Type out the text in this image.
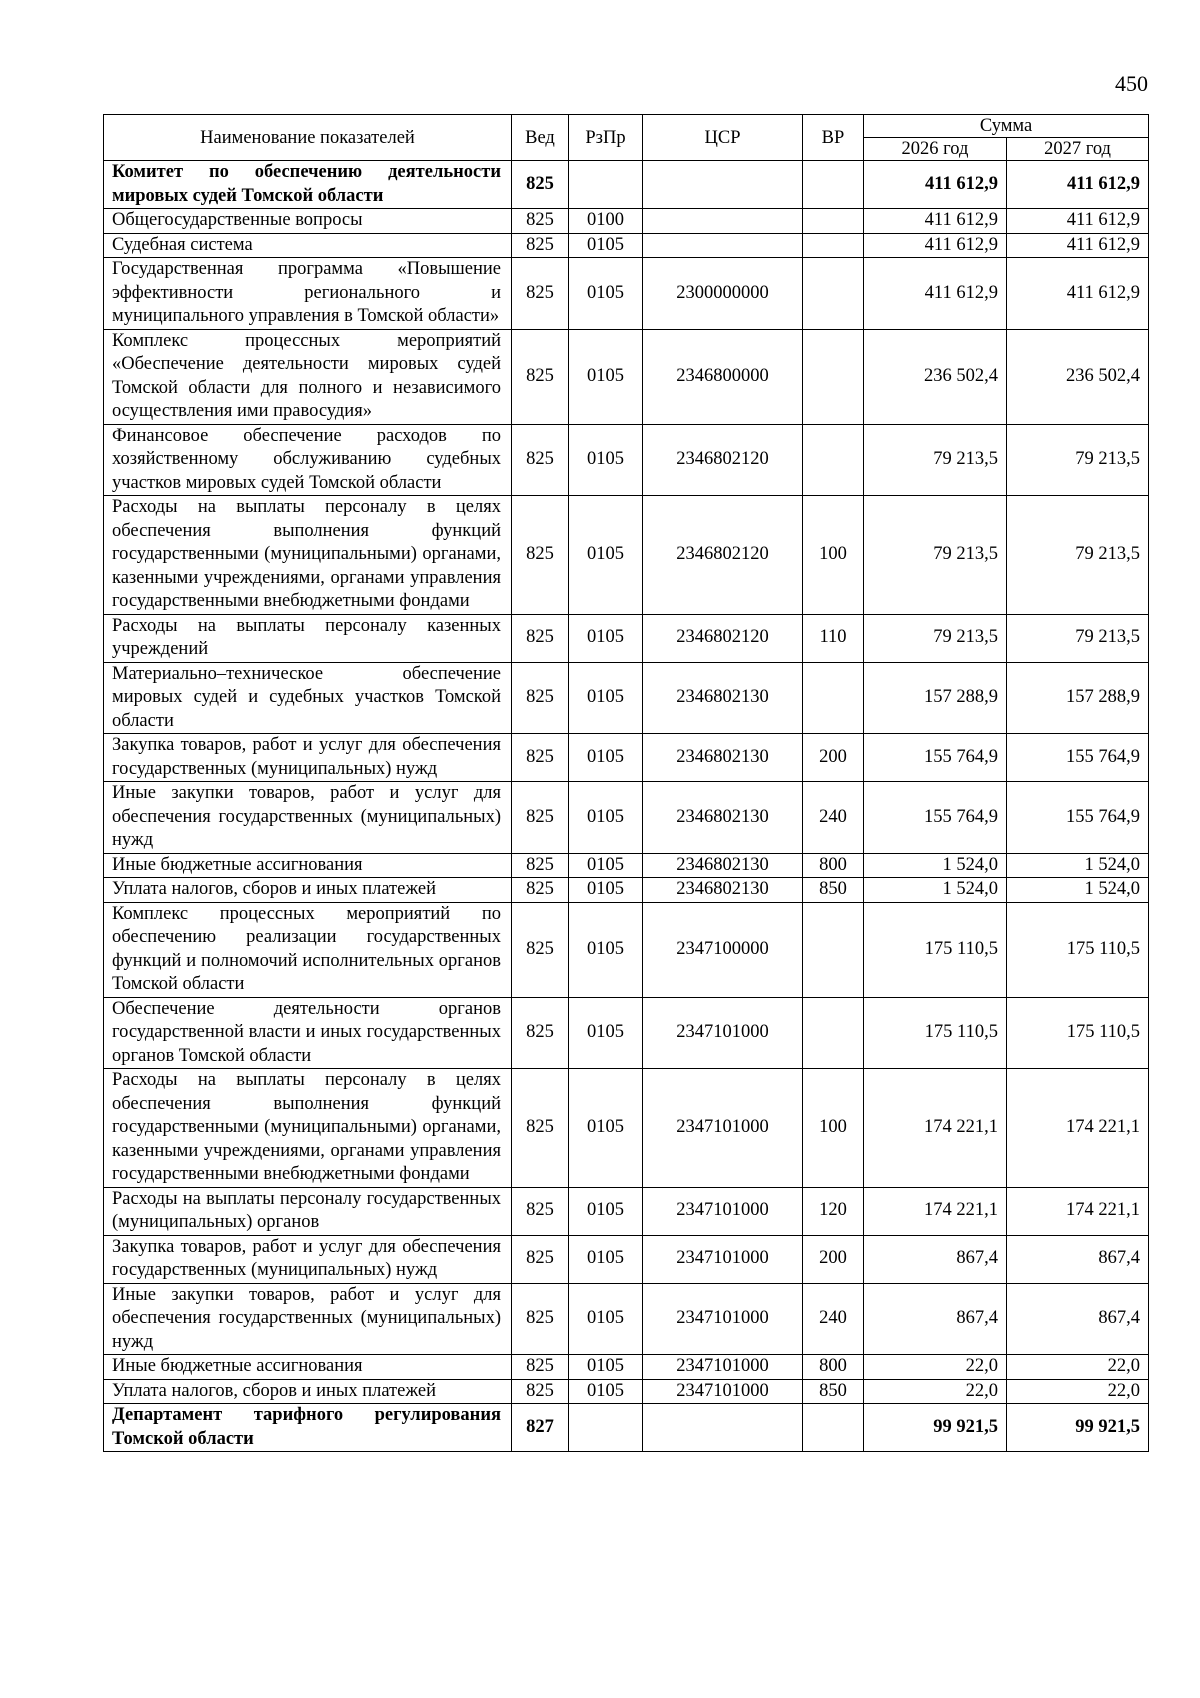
450
Наименование показателей	Вед	РзПр	ЦСР	ВР	Сумма	
					2026 год	2027 год
Комитет по обеспечению деятельности мировых судей Томской области	825				411 612,9	411 612,9
Общегосударственные вопросы	825	0100			411 612,9	411 612,9
Судебная система	825	0105			411 612,9	411 612,9
Государственная программа «Повышение эффективности регионального и муниципального управления в Томской области»	825	0105	2300000000		411 612,9	411 612,9
Комплекс процессных мероприятий «Обеспечение деятельности мировых судей Томской области для полного и независимого осуществления ими правосудия»	825	0105	2346800000		236 502,4	236 502,4
Финансовое обеспечение расходов по хозяйственному обслуживанию судебных участков мировых судей Томской области	825	0105	2346802120		79 213,5	79 213,5
Расходы на выплаты персоналу в целях обеспечения выполнения функций государственными (муниципальными) органами, казенными учреждениями, органами управления государственными внебюджетными фондами	825	0105	2346802120	100	79 213,5	79 213,5
Расходы на выплаты персоналу казенных учреждений	825	0105	2346802120	110	79 213,5	79 213,5
Материально–техническое обеспечение мировых судей и судебных участков Томской области	825	0105	2346802130		157 288,9	157 288,9
Закупка товаров, работ и услуг для обеспечения государственных (муниципальных) нужд	825	0105	2346802130	200	155 764,9	155 764,9
Иные закупки товаров, работ и услуг для обеспечения государственных (муниципальных) нужд	825	0105	2346802130	240	155 764,9	155 764,9
Иные бюджетные ассигнования	825	0105	2346802130	800	1 524,0	1 524,0
Уплата налогов, сборов и иных платежей	825	0105	2346802130	850	1 524,0	1 524,0
Комплекс процессных мероприятий по обеспечению реализации государственных функций и полномочий исполнительных органов Томской области	825	0105	2347100000		175 110,5	175 110,5
Обеспечение деятельности органов государственной власти и иных государственных органов Томской области	825	0105	2347101000		175 110,5	175 110,5
Расходы на выплаты персоналу в целях обеспечения выполнения функций государственными (муниципальными) органами, казенными учреждениями, органами управления государственными внебюджетными фондами	825	0105	2347101000	100	174 221,1	174 221,1
Расходы на выплаты персоналу государственных (муниципальных) органов	825	0105	2347101000	120	174 221,1	174 221,1
Закупка товаров, работ и услуг для обеспечения государственных (муниципальных) нужд	825	0105	2347101000	200	867,4	867,4
Иные закупки товаров, работ и услуг для обеспечения государственных (муниципальных) нужд	825	0105	2347101000	240	867,4	867,4
Иные бюджетные ассигнования	825	0105	2347101000	800	22,0	22,0
Уплата налогов, сборов и иных платежей	825	0105	2347101000	850	22,0	22,0
Департамент тарифного регулирования Томской области	827				99 921,5	99 921,5
